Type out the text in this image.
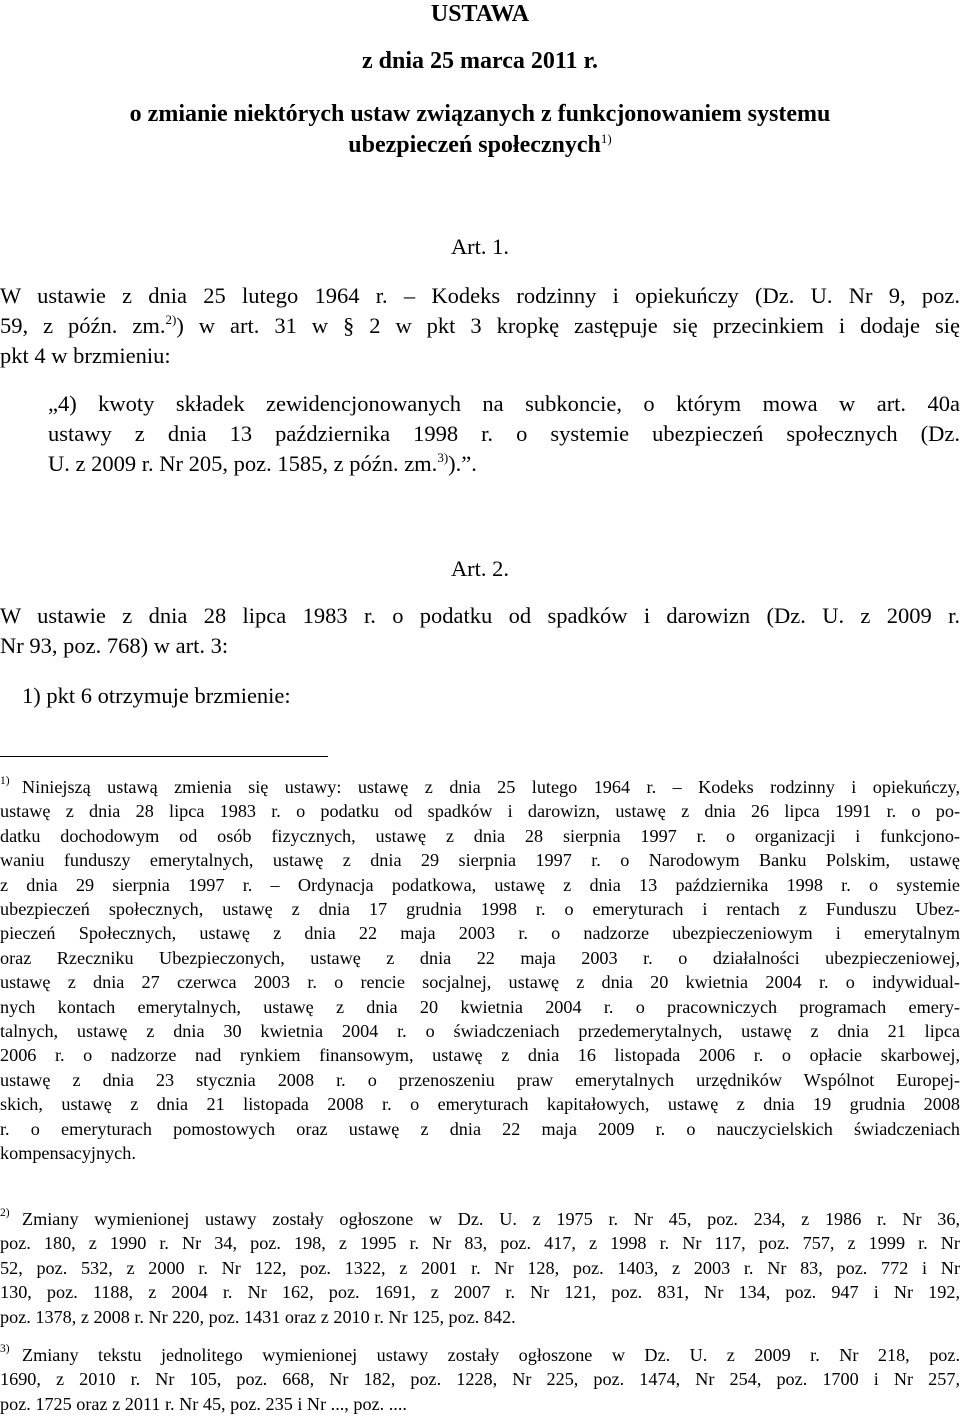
USTAWA
z dnia 25 marca 2011 r.
o zmianie niektórych ustaw związanych z funkcjonowaniem systemu
ubezpieczeń społecznych$^{1)}$
Art. 1.
W ustawie z dnia 25 lutego 1964 r. – Kodeks rodzinny i opiekuńczy (Dz. U. Nr 9, poz.
59, z późn. zm.$^{2)}$) w art. 31 w § 2 w pkt 3 kropkę zastępuje się przecinkiem i dodaje się
pkt 4 w brzmieniu:
„4) kwoty składek zewidencjonowanych na subkoncie, o którym mowa w art. 40a
ustawy z dnia 13 października 1998 r. o systemie ubezpieczeń społecznych (Dz.
U. z 2009 r. Nr 205, poz. 1585, z późn. zm.$^{3)}$).”.
Art. 2.
W ustawie z dnia 28 lipca 1983 r. o podatku od spadków i darowizn (Dz. U. z 2009 r.
Nr 93, poz. 768) w art. 3:
1) pkt 6 otrzymuje brzmienie:
1) Niniejszą ustawą zmienia się ustawy: ustawę z dnia 25 lutego 1964 r. – Kodeks rodzinny i opiekuńczy,
ustawę z dnia 28 lipca 1983 r. o podatku od spadków i darowizn, ustawę z dnia 26 lipca 1991 r. o po-
datku dochodowym od osób fizycznych, ustawę z dnia 28 sierpnia 1997 r. o organizacji i funkcjono-
waniu funduszy emerytalnych, ustawę z dnia 29 sierpnia 1997 r. o Narodowym Banku Polskim, ustawę
z dnia 29 sierpnia 1997 r. – Ordynacja podatkowa, ustawę z dnia 13 października 1998 r. o systemie
ubezpieczeń społecznych, ustawę z dnia 17 grudnia 1998 r. o emeryturach i rentach z Funduszu Ubez-
pieczeń Społecznych, ustawę z dnia 22 maja 2003 r. o nadzorze ubezpieczeniowym i emerytalnym
oraz Rzeczniku Ubezpieczonych, ustawę z dnia 22 maja 2003 r. o działalności ubezpieczeniowej,
ustawę z dnia 27 czerwca 2003 r. o rencie socjalnej, ustawę z dnia 20 kwietnia 2004 r. o indywidual-
nych kontach emerytalnych, ustawę z dnia 20 kwietnia 2004 r. o pracowniczych programach emery-
talnych, ustawę z dnia 30 kwietnia 2004 r. o świadczeniach przedemerytalnych, ustawę z dnia 21 lipca
2006 r. o nadzorze nad rynkiem finansowym, ustawę z dnia 16 listopada 2006 r. o opłacie skarbowej,
ustawę z dnia 23 stycznia 2008 r. o przenoszeniu praw emerytalnych urzędników Wspólnot Europej-
skich, ustawę z dnia 21 listopada 2008 r. o emeryturach kapitałowych, ustawę z dnia 19 grudnia 2008
r. o emeryturach pomostowych oraz ustawę z dnia 22 maja 2009 r. o nauczycielskich świadczeniach
kompensacyjnych.
2) Zmiany wymienionej ustawy zostały ogłoszone w Dz. U. z 1975 r. Nr 45, poz. 234, z 1986 r. Nr 36,
poz. 180, z 1990 r. Nr 34, poz. 198, z 1995 r. Nr 83, poz. 417, z 1998 r. Nr 117, poz. 757, z 1999 r. Nr
52, poz. 532, z 2000 r. Nr 122, poz. 1322, z 2001 r. Nr 128, poz. 1403, z 2003 r. Nr 83, poz. 772 i Nr
130, poz. 1188, z 2004 r. Nr 162, poz. 1691, z 2007 r. Nr 121, poz. 831, Nr 134, poz. 947 i Nr 192,
poz. 1378, z 2008 r. Nr 220, poz. 1431 oraz z 2010 r. Nr 125, poz. 842.
3) Zmiany tekstu jednolitego wymienionej ustawy zostały ogłoszone w Dz. U. z 2009 r. Nr 218, poz.
1690, z 2010 r. Nr 105, poz. 668, Nr 182, poz. 1228, Nr 225, poz. 1474, Nr 254, poz. 1700 i Nr 257,
poz. 1725 oraz z 2011 r. Nr 45, poz. 235 i Nr ..., poz. ....
